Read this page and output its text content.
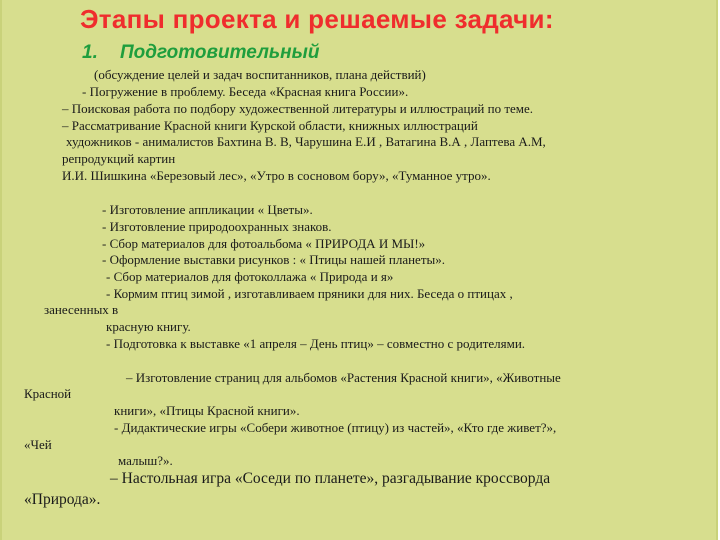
Этапы проекта и решаемые задачи:
1. Подготовительный
(обсуждение целей и задач воспитанников, плана действий)
- Погружение в проблему. Беседа «Красная книга России».
– Поисковая работа по подбору художественной литературы и иллюстраций по теме.
– Рассматривание Красной книги Курской области, книжных иллюстраций
художников - анималистов Бахтина В. В, Чарушина Е.И , Ватагина В.А , Лаптева А.М,
репродукций картин
И.И. Шишкина «Березовый лес», «Утро в сосновом бору», «Туманное утро».
- Изготовление аппликации « Цветы».
- Изготовление природоохранных знаков.
- Сбор материалов для фотоальбома « ПРИРОДА И МЫ!»
- Оформление выставки рисунков : « Птицы нашей планеты».
- Сбор материалов для фотоколлажа « Природа и я»
- Кормим птиц зимой , изготавливаем пряники для них. Беседа о птицах ,
занесенных в
красную книгу.
- Подготовка к выставке «1 апреля – День птиц» – совместно с родителями.
– Изготовление страниц для альбомов «Растения Красной книги», «Животные
Красной
книги», «Птицы Красной книги».
- Дидактические игры «Собери животное (птицу) из частей», «Кто где живет?»,
«Чей
малыш?».
– Настольная игра «Соседи по планете», разгадывание кроссворда
«Природа».
